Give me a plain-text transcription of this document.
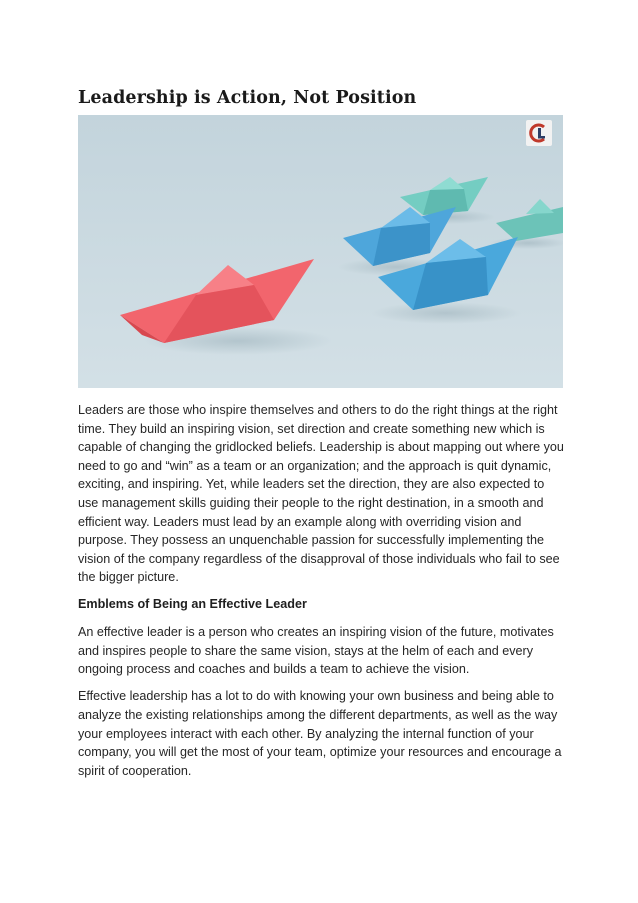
Leadership is Action, Not Position

Leaders are those who inspire themselves and others to do the right things at the right time. They build an inspiring vision, set direction and create something new which is capable of changing the gridlocked beliefs. Leadership is about mapping out where you need to go and “win” as a team or an organization; and the approach is quit dynamic, exciting, and inspiring. Yet, while leaders set the direction, they are also expected to use management skills guiding their people to the right destination, in a smooth and efficient way. Leaders must lead by an example along with overriding vision and purpose. They possess an unquenchable passion for successfully implementing the vision of the company regardless of the disapproval of those individuals who fail to see the bigger picture.

Emblems of Being an Effective Leader

An effective leader is a person who creates an inspiring vision of the future, motivates and inspires people to share the same vision, stays at the helm of each and every ongoing process and coaches and builds a team to achieve the vision.

Effective leadership has a lot to do with knowing your own business and being able to analyze the existing relationships among the different departments, as well as the way your employees interact with each other. By analyzing the internal function of your company, you will get the most of your team, optimize your resources and encourage a spirit of cooperation.
